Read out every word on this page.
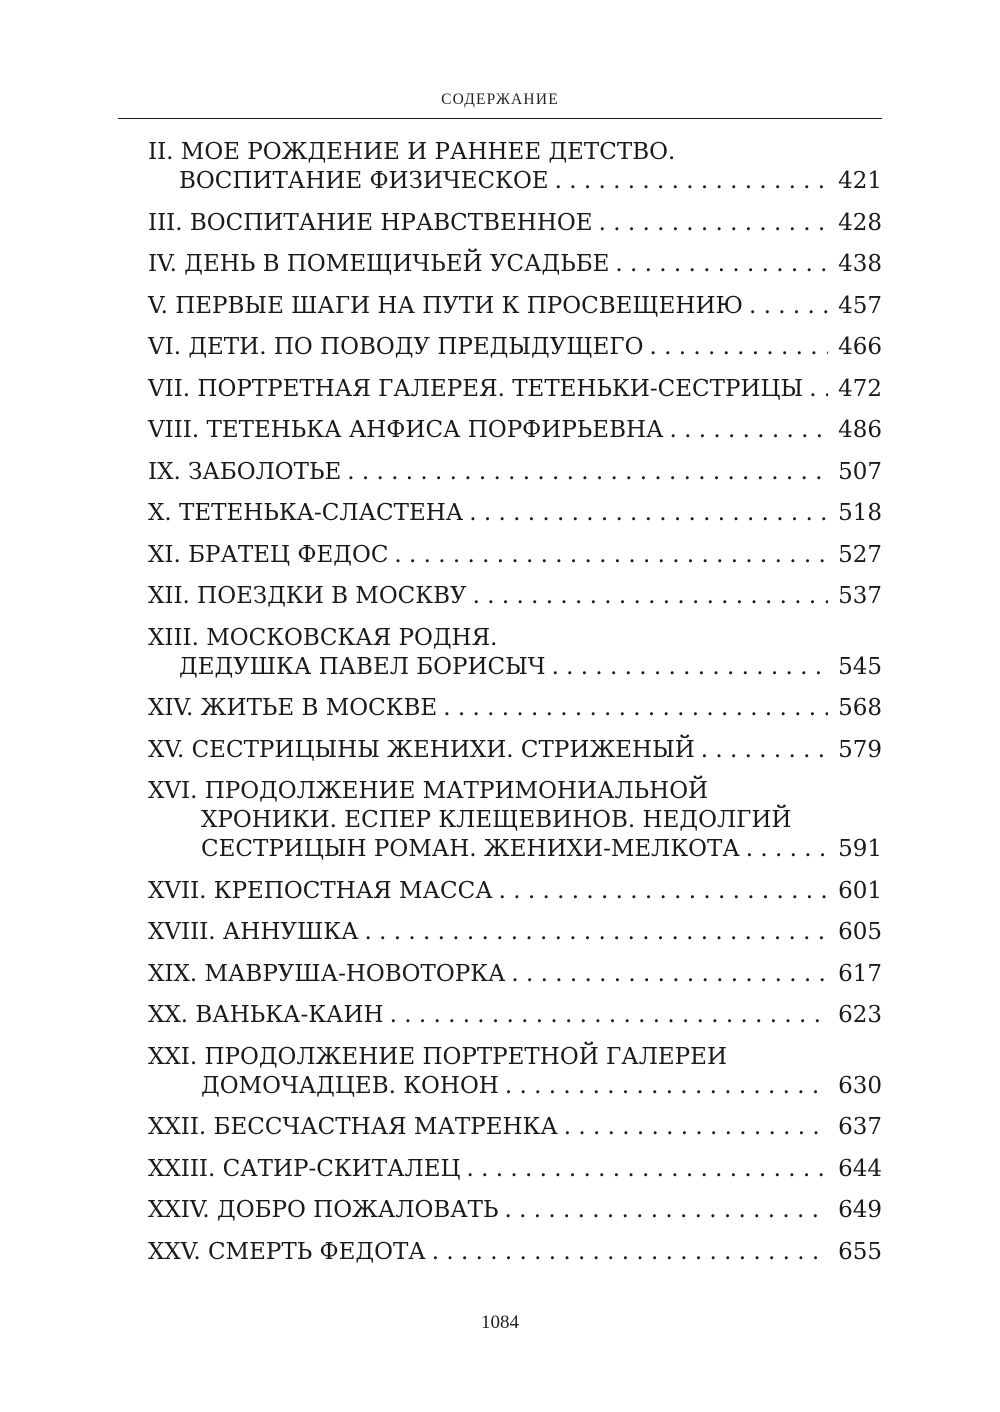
СОДЕРЖАНИЕ
II. МОЕ РОЖДЕНИЕ И РАННЕЕ ДЕТСТВО.
ВОСПИТАНИЕ ФИЗИЧЕСКОЕ . . .	421
III. ВОСПИТАНИЕ НРАВСТВЕННОЕ . . .	428
IV. ДЕНЬ В ПОМЕЩИЧЬЕЙ УСАДЬБЕ . . .	438
V. ПЕРВЫЕ ШАГИ НА ПУТИ К ПРОСВЕЩЕНИЮ . . .	457
VI. ДЕТИ. ПО ПОВОДУ ПРЕДЫДУЩЕГО . . .	466
VII. ПОРТРЕТНАЯ ГАЛЕРЕЯ. ТЕТЕНЬКИ-СЕСТРИЦЫ . . . 472
VIII. ТЕТЕНЬКА АНФИСА ПОРФИРЬЕВНА . . .	486
IX. ЗАБОЛОТЬЕ . . .	507
X. ТЕТЕНЬКА-СЛАСТЕНА . . .	518
XI. БРАТЕЦ ФЕДОС . . .	527
XII. ПОЕЗДКИ В МОСКВУ . . .	537
XIII. МОСКОВСКАЯ РОДНЯ.
ДЕДУШКА ПАВЕЛ БОРИСЫЧ . . .	545
XIV. ЖИТЬЕ В МОСКВЕ . . .	568
XV. СЕСТРИЦЫНЫ ЖЕНИХИ. СТРИЖЕНЫЙ . . .	579
XVI. ПРОДОЛЖЕНИЕ МАТРИМОНИАЛЬНОЙ
ХРОНИКИ. ЕСПЕР КЛЕЩЕВИНОВ. НЕДОЛГИЙ
СЕСТРИЦЫН РОМАН. ЖЕНИХИ-МЕЛКОТА . . .	591
XVII. КРЕПОСТНАЯ МАССА . . .	601
XVIII. АННУШКА . . .	605
XIX. МАВРУША-НОВОТОРКА . . .	617
XX. ВАНЬКА-КАИН . . .	623
XXI. ПРОДОЛЖЕНИЕ ПОРТРЕТНОЙ ГАЛЕРЕИ
ДОМОЧАДЦЕВ. КОНОН . . .	630
XXII. БЕССЧАСТНАЯ МАТРЕНКА . . .	637
XXIII. САТИР-СКИТАЛЕЦ . . .	644
XXIV. ДОБРО ПОЖАЛОВАТЬ . . .	649
XXV. СМЕРТЬ ФЕДОТА . . .	655
1084
